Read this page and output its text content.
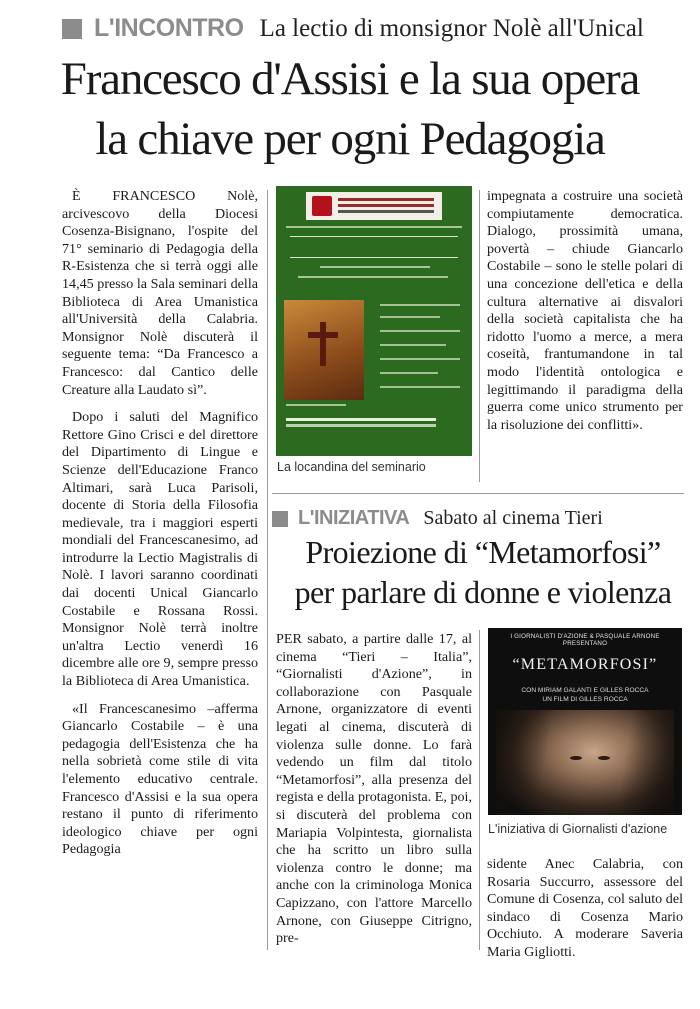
L'INCONTRO La lectio di monsignor Nolè all'Unical
Francesco d'Assisi e la sua opera
la chiave per ogni Pedagogia

È FRANCESCO Nolè, arcivescovo della Diocesi Cosenza-Bisignano, l'ospite del 71° seminario di Pedagogia della R-Esistenza che si terrà oggi alle 14,45 presso la Sala seminari della Biblioteca di Area Umanistica all'Università della Calabria. Monsignor Nolè discuterà il seguente tema: “Da Francesco a Francesco: dal Cantico delle Creature alla Laudato sì”.

Dopo i saluti del Magnifico Rettore Gino Crisci e del direttore del Dipartimento di Lingue e Scienze dell'Educazione Franco Altimari, sarà Luca Parisoli, docente di Storia della Filosofia medievale, tra i maggiori esperti mondiali del Francescanesimo, ad introdurre la Lectio Magistralis di Nolè. I lavori saranno coordinati dai docenti Unical Giancarlo Costabile e Rossana Rossi. Monsignor Nolè terrà inoltre un'altra Lectio venerdì 16 dicembre alle ore 9, sempre presso la Biblioteca di Area Umanistica.

«Il Francescanesimo –afferma Giancarlo Costabile – è una pedagogia dell'Esistenza che ha nella sobrietà come stile di vita l'elemento educativo centrale. Francesco d'Assisi e la sua opera restano il punto di riferimento ideologico chiave per ogni Pedagogia

La locandina del seminario

impegnata a costruire una società compiutamente democratica. Dialogo, prossimità umana, povertà – chiude Giancarlo Costabile – sono le stelle polari di una concezione dell'etica e della cultura alternative ai disvalori della società capitalista che ha ridotto l'uomo a merce, a mera coseità, frantumandone in tal modo l'identità ontologica e legittimando il paradigma della guerra come unico strumento per la risoluzione dei conflitti».

L'INIZIATIVA Sabato al cinema Tieri
Proiezione di “Metamorfosi”
per parlare di donne e violenza

PER sabato, a partire dalle 17, al cinema “Tieri – Italia”, “Giornalisti d'Azione”, in collaborazione con Pasquale Arnone, organizzatore di eventi legati al cinema, discuterà di violenza sulle donne. Lo farà vedendo un film dal titolo “Metamorfosi”, alla presenza del regista e della protagonista. E, poi, si discuterà del problema con Mariapia Volpintesta, giornalista che ha scritto un libro sulla violenza contro le donne; ma anche con la criminologa Monica Capizzano, con l'attore Marcello Arnone, con Giuseppe Citrigno, pre-

I GIORNALISTI D'AZIONE & PASQUALE ARNONE PRESENTANO
“METAMORFOSI”
CON MIRIAM GALANTI E GILLES ROCCA
UN FILM DI GILLES ROCCA
L'iniziativa di Giornalisti d'azione

sidente Anec Calabria, con Rosaria Succurro, assessore del Comune di Cosenza, col saluto del sindaco di Cosenza Mario Occhiuto. A moderare Saveria Maria Gigliotti.
